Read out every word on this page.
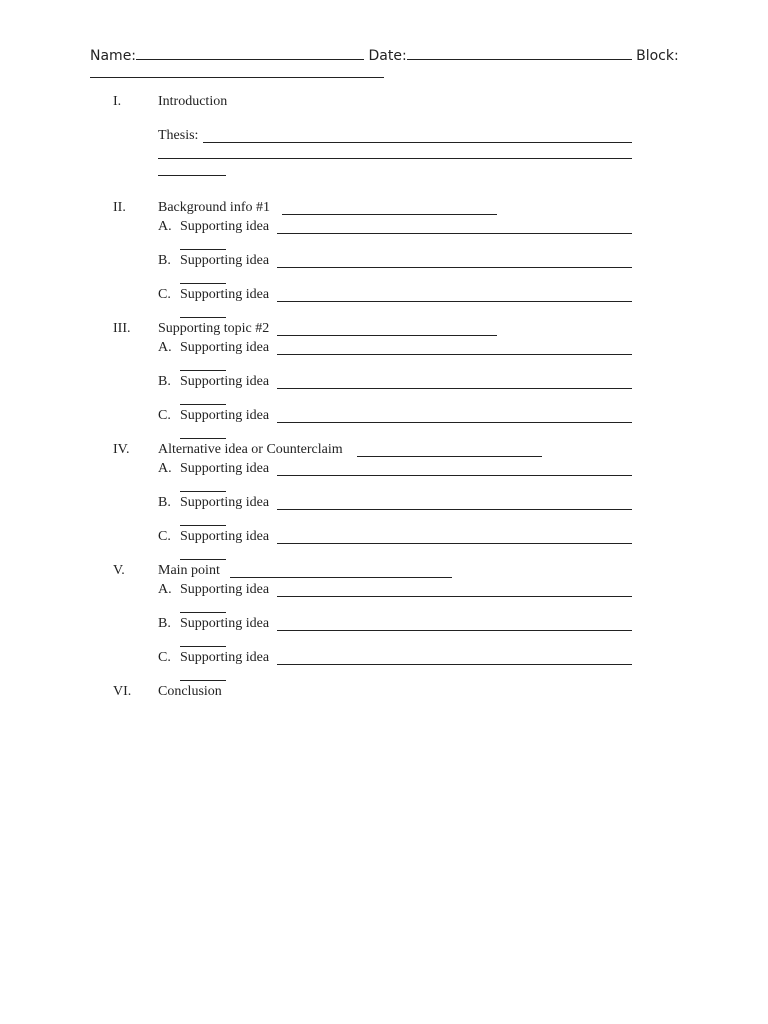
Name:	Date:	Block:
I.	Introduction
Thesis:
II. Background info #1
A. Supporting idea
B. Supporting idea
C. Supporting idea
III. Supporting topic #2
A. Supporting idea
B. Supporting idea
C. Supporting idea
IV. Alternative idea or Counterclaim
A. Supporting idea
B. Supporting idea
C. Supporting idea
V. Main point
A. Supporting idea
B. Supporting idea
C. Supporting idea
VI. Conclusion
